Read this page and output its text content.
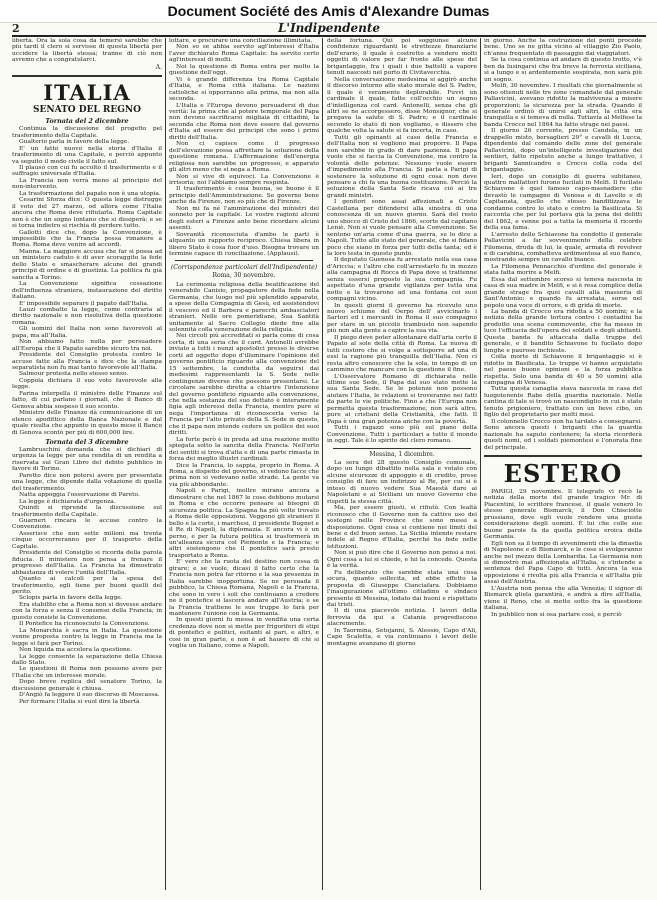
Document Société des Amis d'Alexandre Dumas
2	L'Indipendente

libertà. Ora la sola cosa da temersi sarebbe che più tardi il clero si servisse di questa libertà per uccidere la libertà stessa; tranne di ciò non avremo che a congratularci.

A.
ITALIA
SENATO DEL REGNO
Tornata del 2 dicembre

Continua la discussione del progetto pel trasferimento della Capitale.

Gualterio parla in favore della legge.

E' un fatto nuovo nella storia d'Italia il trasferimento di una Capitale, e perciò appunto va seguito il modo civile il fatto sul.

Il plauso con cui fu accolto il trasferimento e il suffragio universale d'Italia.

La Francia non verrà meno al principio del non-intervento.

La trasformazione del papato non è una utopia.

Cesarini Sforza dice: O questa legge distrugge il voto del 27 marzo, od allora come l'Italia ancora che Roma deve rifiutarla. Roma Capitale non è che un sogno lontano che si dissiperà; e se si torna indietro si rischia di perdere tutto.

Gallotti dice che, dopo la Convenzione, è impossibile che la Francia possa rimanere a Roma. Roma deve venire ad accordi.

Manna. La maggiore accusa che far si possa ad un ministero caduto è di aver scoraggito la fede dello Stato e smascherare alcune dei grandi principii di ordine e di giustizia. La politica fu già sancita a Torino.

La Convenzione significa cessazione dell'influenza straniera, instaurazione del diritto italiano.

E' impossibile separare il papato dall'Italia.

Lauzi combatte la legge, come contraria al diritto nazionale e non risolutiva della questione romana.

Gli uomini del Italia non sono favorevoli al papa, ma all'Italia.

Non abbiamo fatto nulla per persuadere all'Europa che il Papato sarebbe sicuro tra noi.

Presidente del Consiglio protesta contro le accuse fatte alla Francia e dice che la stampa separatista non fu mai tanto favorevole all'Italia.

Salmour protesta nello stesso senso.

Coppola dichiara il suo voto favorevole alla legge.

Farina interpella il ministro delle Finanze sul fatto, di cui parlano i giornali, che il Banco di Genova abbia sospeso il suo sconto.

Ministro delle Finanze dà comunicazione di un elenco apodittico della Banca Nazionale e dal quale risulta che appunto in questo mese il Banco di Genova scontò per più di 600,000 lire.

Tornata del 3 dicembre

Lambruschini domanda che si dichiari di urgenza la legge per una rendita di un rendita a riservata sul Gran Libro del debito pubblico in favore di Torino.

Paretto dice non potersi avere per presentata una legge, che dipende dalla votazione di quella del trasferimento.

Natta appoggia l'osservazione di Pareto.

La legge è dichiarata d'urgenza.

Quindi si riprende la discussione sul trasferimento della Capitale.

Guarneri rincara le accuse contro la Convenzione.

Asserisce che non sette milioni ma trenta cinque occorreranno per il trasporto della Capitale.

Presidente del Consiglio si ricorda della parola fiducia. Il ministero non pensa a frenare il progresso dell'Italia. La Francia ha dimostrato abbastanza di volere l'unità dell'Italia.

Quanto ai calcoli per la spesa del trasferimento, egli tiene per buoni quelli del perito.

Sclopis parla in favore della legge.

Era stabilito che a Roma non si dovesse andare con la forza e senza il consenso della Francia; in questo consiste la Convenzione.

Il Pontefice ha riconosciuto la Convenzione.

La Monarchia è sacra in Italia. La questione venne proposta contro la legge in Francia ma la legge si farà per Torino.

Non liquida ma accelera la questione.

La legge consente la separazione della Chiesa dallo Stato.

Le questioni di Roma non possono avere per l'Italia che un interesse morale.

Dopo breve replica del senatore Torino, la discussione generale è chiusa.

D'Angiò fa leggere il suo discorso di Moscassa.

Per formare l'Italia si vuol dire la libertà

lottare, e procurare una conciliazione illimitata.

Non so se abbia servito agl'interessi d'Italia l'aver dichiarato Roma Capitale: ha servito certo agl'interessi di molti.

Noi la questione di Roma entra per molto la questione dell'oggi.

Vi è grande differenza tra Roma Capitale d'Italia, e Roma città italiana. Le nazioni cattoliche si opporranno alla prima, ma non alla seconda.

L'Italia e l'Europa devono persuadersi di due verità: la prima che al potere temporale del Papa non devono sacrificarsi migliaia di cittadini, la seconda che Roma non deve essere dal governo d'Italia ad essere dei principii che sono i primi diritti dell'Italia.

Non ci capisce come il progresso dell'elevazione possa affrettare la soluzione della questione romana. L'affermazione dell'energia religiosa non sarebbe un progresso, e apparato gli altri meno che si nega a Roma.

Non si vive di equivoci. La Convenzione è irrisoria; noi l'abbiamo sempre respinta.

Il trasferimento è cosa buona, se buono è il principio dell'Amministrazione. Se governo bene anche da Firenze, non so più che di Firenze.

Non mi fa né l'ammirazione dei ministri dei sonneto per la capitale. Le vostre ragioni alcuni degli esteri a Firenze ante bene ricordare alcuni assenti.

Sovranità riconosciuta d'ambo le parti è alquanto un rapporto reciproco. Chiesa libera in libero Stato è cosa fuor d'uso. Bisogna trovare un termine capace di conciliazione. (Applausi).

(Corrispondenze particolari dell'Indipendente)
Roma, 30 novembre.

La cerimonia religiosa della beatificazione del venerabile Canisio, propagatore della fede nella Germania, che luogo nel più splendido apparato, a spese della Compagnia di Gesù, ed assistendovi il vescovo ed il Barbera e parecchi ambasciatori stranieri. Nelle ore pomeridiane, Sua Santità unitamente al Sacro Collegio diede fine alla solennità colla venerazione della reliquia.

Nei circoli più accreditati si parla come di cosa certa, di una seria che il card. Antonelli avrebbe inviato a tutti i nunzi apostolici presso le diverse corti ad oggetto dopo d'illuminare l'opinione del governo pontificio riguardo alla convenzione del 15 settembre, la condotta da seguirsi dai medesimi rappresentanti la S. Sede nelle contingenze diverse che possono presentarsi. Le circolare sarebbe diretta a chiarire l'intenzione del governo pontificio riguardo alla convenzione, che nella sostanza del suo dettato è interamente ligia agli interessi della Francia, mentre pure si nega l'importanza di riconoscerla verso la Francia per l'alto privato della S. Sede in questo, che il papa non intende cedere un pollice dei suoi diritti.

La forte però è in preda ad una reazione molto spiegata sotto la sancita della Francia. Nell'orto dei sentiti si trova d'alta e di una parte rimasta in forza dei meglio illustri cardinali.

Dice la Francia, lo sappia, proprio in Roma. A Roma, a dispetto del governo, si vedono facce che prima non si vedevano nelle strade. La gente va via più abbondante.

Napoli e Parigi, inoltre mirano ancora a dimostrare che nel 1867 le cose debbono mutarsi in Roma e che occorre pensare ai bisogni di sicurezza politica. La Spagna ha più volte trovato a Roma delle opposizioni. Veggono gli stranieri il bello e la corte, i marchesi, il presidente Bugnet e il Re di Napoli, la diplomazia. E ancora vi è un perno, e per la futura politica si trasformerà in un'alleanza sicura col Piemonte e la Francia; e altri sostengono che il pontefice sarà presto trasportato a Roma.

E' vero che la ruota del destino non cessa di girare; e se vuole, dicasi il fatto certo che la Francia non potrà far ritorno e la sua presenza in Italia sarebbe inopportuna. Se ne persuada il pubblico, la Chiesa Romana, Napoli e la Francia, che sono in vero i soli che continuano a credere ne il pontefice si lascerà andare all'Austria; e se la Francia trattiene le sue truppe lo farà per mantenere l'unione con la Germania.

In questi giorni fu messa in vendita una certa credenza dove non si mette per frigoriferi di stipi di pontefici e politici, esitanti al pari, e altri, e così in gran parte, e non è ad hauere di chi si voglia un Italiano, come a Napoli.

della fortuna. Qui poi soggiunse alcune confidenze riguardanti le strettezze finanziarie dell'erario, il quale è costretto a vendere molti oggetti di valore per far fronte alle spese del brigantaggio, fra i quali i due battelli a vapore tenuti nascosti nel porto di Civitavecchia.

Nella conversazione medesima si aggirò anche il discorso intorno allo stato morale del S. Padre, il quale è veramente deplorabile. Fuvvi un cardinale il quale, fatte coll'occhio un segno d'intelligenza col card. Antonelli, senza che gli altri se ne accorgessero, disse Monsignor, che si pregava la salute di S. Padre; e il cardinale secondo lo stato di non vogliamo, e dissero che qualche volta la salute si fa incerta, in caso.

Tutti gli opinanti al caso della Francia e dell'Italia non si vogliono mai proporre. Il Papa non sarebbe in grado di dare pazienza. Il papa vuole che si faccia la Convenzione, ma contro la volontà delle potenze. Nessuno vuole essere d'impedimento alla Francia. Si parla a Parigi di sostenere la soluzione di ogni cosa: non deve pensare a chi fa una buona costituzione. Perciò la soluzione della Santa Sede ricava ciò ai tre grandi ministri.

I genitori sono assai affezionati a Cristo Castellana per difendersi alla sinistra di una conoscenza di un nuovo giorno. Sarà del resto uno sbocco di Cristo del 1866, scorte dal capitano Leniè. Non si vuole pensare alla Convenzione. Se sentono un'aria come d'una guerra, se lo dice a Napoli. Tutto allo stato del generale, che si fidano poco che siano in forza per tutti della tanta; ed è la loro testa in questo punto.

Il deputato Guenosa fu arrestato nella sua casa d'Ariccia; e l'altro che coll'arrestarlo fu in mezzo alla campagna di Rocca di Papa dove si trattenne senza essersi proposto la sua compagnia. Fu aspettato d'una grande vigilanza per tutta una notte e la trovarono ad una fontana coi suoi compagni vicino.

In questi giorni il governo ha ricevuto uno nuovo schiume del Oerpo dell' avvicinarlo i Sartori ed i mercanti in Roma il suo compagno per stare in un piccolo trambusto non sapendo più non alla gente a capire la sua via.

Il piego deve poter allontanare dall'aria certo il Papato al sole della città di Roma. La nuova di tutti costoro che si volge a sottoporre ad una di essi la ragione più tranquilla dell'Italia. Non ci resta altro conoscere che la sola, in tempo di un cammino che mancare con la questione il fine.

L'Osservatore Romano di dichiarata nelle ultime sue Sede, il Papa dal suo stato mette la sua Santa Sede. Se le potenze non possono aiutare l'Italia, le relazioni si troveranno nei fatti da parte le vie politiche. Fino a che l'Europa non permetta questa trasformazione, non sarà altro, pure ai cristiani della Cristianità, che fatti. Il Papa è una gran potenza anche con la povertà.

Tutti i ragazzi sono più sul piano della Convenzione. Tutti i particolari a tutto il mondo in oggi. Tale è lo spirito del clero romano.

Messina, 1 dicembre.

La sera del 28 questo Consiglio comunale, dopo un lungo dibattito nella sala e votato con alcune sicurezze di appoggio e di credito, prese consiglio di fare un indirizzo al Re, per cui si è inteso di nuovo vedere Sua Maestà dare ai Napoletani e ai Siciliani un nuovo Governo che rispetti la stessa città.

Ma, per essere giusti, si rifiutò. Con lealtà riconosco che il Governo non fa cattivo uso dei sostegni nelle Province che sono messi a disposizione. Ogni cosa si contiene nei limiti del bene e del buon senso. La Sicilia intende restare fedele al Regno d'Italia, perché ha fede nelle istituzioni.

Non si può dire che il Governo non pensi a noi. Ogni cosa a lui si chiede, e lui la concede. Questa è la verità.

Fu deliberato che sarebbe stata una cosa sicura, quanto sollecita, ed ebbe effetto la proposta di Giuseppe Cianciafara. Dobbiamo l'inaugurazione all'ottimo cittadino e sindaco presente di Messina, lodato dai buoni e rispettato dai tristi.

Il di una piacevole notizia. I lavori della ferrovia da qui a Catania progrediscono alacremente.

In Taormina, Setojanni, S. Alessio, Capo d'Ali, Capo Scaletta, e via continuano i lavori delle montagne avanzano di giorno

in giorno. Anche la costruzione dei ponti procede bene. Uno se ne gitta vicino al villaggio Zio Paolo, ch'anno frequentato di passaggio dai viaggiatori.

Se la cosa continua ad andare di questo trotto, v'è ben da lusingarsi che fra breve la ferrovia siciliana, sì a lungo e sì ardentemente sospirata, non sarà più un sogno.

Melfi, 30 novembre. I risultati che giornalmente si sono ottenuti nelle tre zone comandate dal generale Pallavicini, avevano ridotto la malvivenza a misere proporzioni; la sicurezza per la strada. Quando il generale ordinò di unirsi agli altri, la città era tranquilla e si temeva di nulla. Tuttavia al Melfese la banda Crocco nel 1864 ha fatto strage nei paesi.

Il giorno 26 corrente, presso Candela, in un drappello misto, bersaglieri 29° e cavalli di Lucca, dipendente dal comando delle zone del generale Pallavicini, dopo un'intelligente investigazione dei sentieri, fatto ripetuto anche a lungo trattativo, i briganti Sannicandro e Crocco colla coda del brigantaggio.

Ieri, dopo un consiglio di guerra subitaneo, quattro malfattori furono fucilati in Melfi. Il fucilato Schiavone è quel famoso capo-masnadiere che devastò le campagne di Venosa e di Lavello e di Capitanata, quello che stesso banditizzava le condanne contro lo stato e contro la Basilicata. Si racconta che per lui portava già la pena dei delitti del 1862, e venne poi a tutta la memoria il ricordo della sua fama.

L'arresto dello Schiavone ha condotto il generale Pallavicini a far sovvenimento della celebre Filomena, druda di lui, la quale, armata di revolver e di carabina, combatteva ardimentosa al suo fianco, mostrando sempre un cavallo bianco.

La Filomena Pennacchio d'ordine del generale è stata fatta morire a Melfi.

Essa dal settembre scorso si teneva nascosta in casa di sua madre in Melfi, e si è resa complice della grande strage fra quei cavalli alla masseria di Sant'Antonio; e quando fu arrestata, sorse nel popolo una voce di orrore, e di grida di morte.

La banda di Crocco era ridotta a 50 uomini; e la notizia della grande tortura contro i contadini ha prodotto una scena commovente, che ha messo in luce l'efficacia dell'opera dei soldati e degli abitanti. Questa banda fu attaccata dalla truppa del generale, e il bandito Schiavone fu fucilato dopo lunghe e paurose inchieste.

Colla morte di Schiavone il brigantaggio si è ridotto in Basilicata. Le truppe vi hanno acquistato nel paese buone opinioni e la forza pubblica rispetta. Solo una banda di 40 a 50 uomini alla campagna di Venosa.

Tutta questa canaglia stava nascosta in casa del luogotenente Rabe della guardia nazionale. Nella cantina di tale si trovò un nascondiglio in cui è stato tenuto prigioniero, trattato con un lieve cibo, un figlio del proprietario per molti mesi.

Il colonnello Crocco non ha tardato a consegnarsi. Sono ancora questi i briganti che la guardia nazionale ha saputo contenere; la storia ricorderà questi nomi, ed i soldati piemontesi e l'onorata fine del principale.

ESTERO

PARIGI, 29 novembre. Il telegrafo vi recò la notizia della morte del grande tragico Mr. di Piacentini, lo scrittore francese, il quale venerò lo stesso generale Bismarck, il Don Chisciotte prussiano, dove egli vuole rendere una giusta considerazione degli uomini. È lui che colle sue buone parole fa da quella politica eroica della Germania.

Egli non sa il tempo di avvenimenti che la dinastia di Napoleone e di Bismarck, e le cose si svolgeranno anche nel mezzo della Lombardia. La Germania non si dimostrò mai affezionata all'Italia, e s'intende a sentenza del Papa Capo di tutti. Ancora la sua opposizione è rivolta più alla Francia e all'Italia più assai dell'Austria.

L'Austria non pensa che alla Venezia; il signor di Bismarck gliela garantirà, e andrà a dire all'Italia, viene il Reno, che si mette sotto fra la questione italiana.

In pubblico non si osa parlare così, e perciò
